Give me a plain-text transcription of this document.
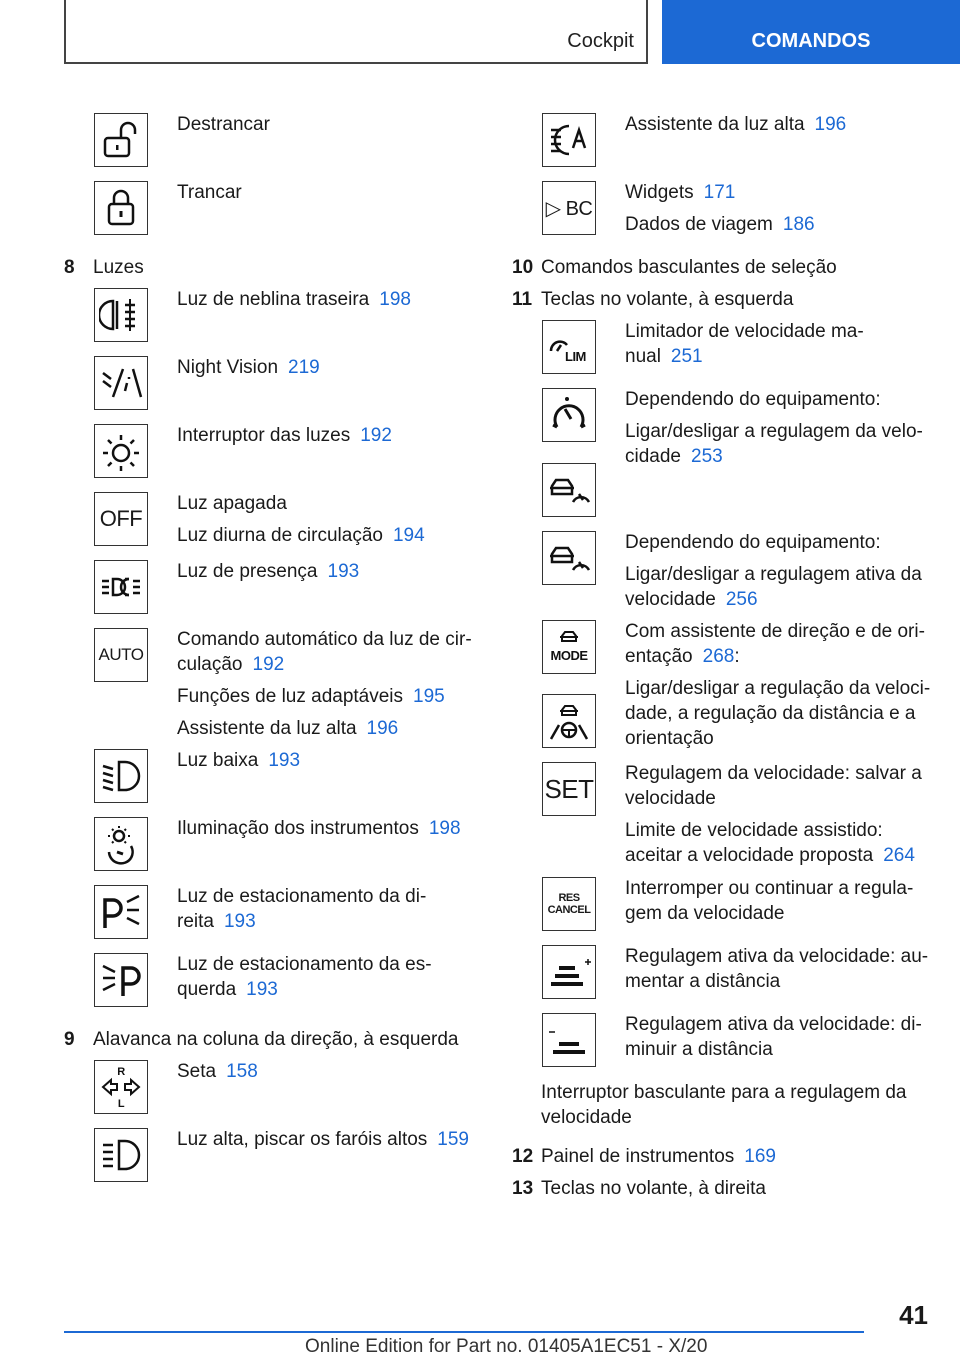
Cockpit	COMANDOS
Destrancar
Trancar
8 Luzes
Luz de neblina traseira 198
Night Vision 219
Interruptor das luzes 192
OFF
Luz apagada
Luz diurna de circulação 194
Luz de presença 193
AUTO
Comando automático da luz de cir-
culação 192
Funções de luz adaptáveis 195
Assistente da luz alta 196
Luz baixa 193
Iluminação dos instrumentos 198
Luz de estacionamento da di-
reita 193
Luz de estacionamento da es-
querda 193
9 Alavanca na coluna da direção, à esquerda
R
L
Seta 158
Luz alta, piscar os faróis altos 159
Assistente da luz alta 196
▷ BC
Widgets 171
Dados de viagem 186
10 Comandos basculantes de seleção
11 Teclas no volante, à esquerda
LIM
Limitador de velocidade ma-
nual 251
Dependendo do equipamento:
Ligar/desligar a regulagem da velo-
cidade 253
Dependendo do equipamento:
Ligar/desligar a regulagem ativa da
velocidade 256
MODE
Com assistente de direção e de ori-
entação 268:
Ligar/desligar a regulação da veloci-
dade, a regulação da distância e a
orientação
SET Regulagem da velocidade: salvar a
velocidade
Limite de velocidade assistido:
aceitar a velocidade proposta 264
RES
CANCEL
Interromper ou continuar a regula-
gem da velocidade
Regulagem ativa da velocidade: au-
mentar a distância
Regulagem ativa da velocidade: di-
minuir a distância
Interruptor basculante para a regulagem da
velocidade
12 Painel de instrumentos 169
13 Teclas no volante, à direita
41
Online Edition for Part no. 01405A1EC51 - X/20
